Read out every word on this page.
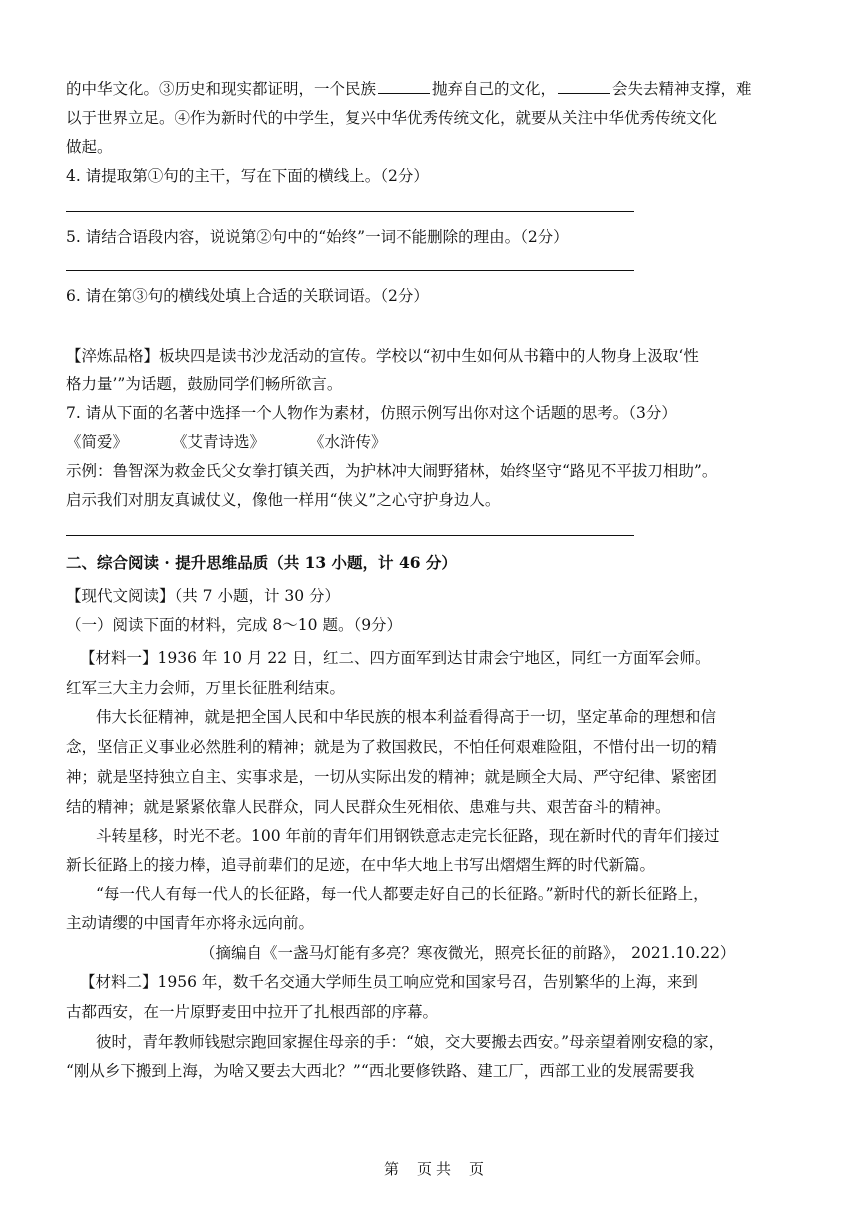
的中华文化。③历史和现实都证明，一个民族	抛弃自己的文化，	会失去精神支撑，难
以于世界立足。④作为新时代的中学生，复兴中华优秀传统文化，就要从关注中华优秀传统文化
做起。
4. 请提取第①句的主干，写在下面的横线上。（2分）
5. 请结合语段内容，说说第②句中的“始终”一词不能删除的理由。（2分）
6. 请在第③句的横线处填上合适的关联词语。（2分）
【淬炼品格】板块四是读书沙龙活动的宣传。学校以“初中生如何从书籍中的人物身上汲取‘性
格力量’”为话题，鼓励同学们畅所欲言。
7. 请从下面的名著中选择一个人物作为素材，仿照示例写出你对这个话题的思考。（3分）
《简爱》	《艾青诗选》	《水浒传》
示例：鲁智深为救金氏父女拳打镇关西，为护林冲大闹野猪林，始终坚守“路见不平拔刀相助”。
启示我们对朋友真诚仗义，像他一样用“侠义”之心守护身边人。
二、综合阅读 · 提升思维品质（共 13 小题，计 46 分）
【现代文阅读】（共 7 小题，计 30 分）
（一）阅读下面的材料，完成 8～10 题。（9分）
【材料一】1936 年 10 月 22 日，红二、四方面军到达甘肃会宁地区，同红一方面军会师。
红军三大主力会师，万里长征胜利结束。
伟大长征精神，就是把全国人民和中华民族的根本利益看得高于一切，坚定革命的理想和信
念，坚信正义事业必然胜利的精神；就是为了救国救民，不怕任何艰难险阻，不惜付出一切的精
神；就是坚持独立自主、实事求是，一切从实际出发的精神；就是顾全大局、严守纪律、紧密团
结的精神；就是紧紧依靠人民群众，同人民群众生死相依、患难与共、艰苦奋斗的精神。
斗转星移，时光不老。100 年前的青年们用钢铁意志走完长征路，现在新时代的青年们接过
新长征路上的接力棒，追寻前辈们的足迹，在中华大地上书写出熠熠生辉的时代新篇。
“每一代人有每一代人的长征路，每一代人都要走好自己的长征路。”新时代的新长征路上，
主动请缨的中国青年亦将永远向前。
（摘编自《一盏马灯能有多亮？寒夜微光，照亮长征的前路》， 2021.10.22）
【材料二】1956 年，数千名交通大学师生员工响应党和国家号召，告别繁华的上海，来到
古都西安，在一片原野麦田中拉开了扎根西部的序幕。
彼时，青年教师钱慰宗跑回家握住母亲的手：“娘，交大要搬去西安。”母亲望着刚安稳的家，
“刚从乡下搬到上海，为啥又要去大西北？”“西北要修铁路、建工厂，西部工业的发展需要我
第 页 共 页
